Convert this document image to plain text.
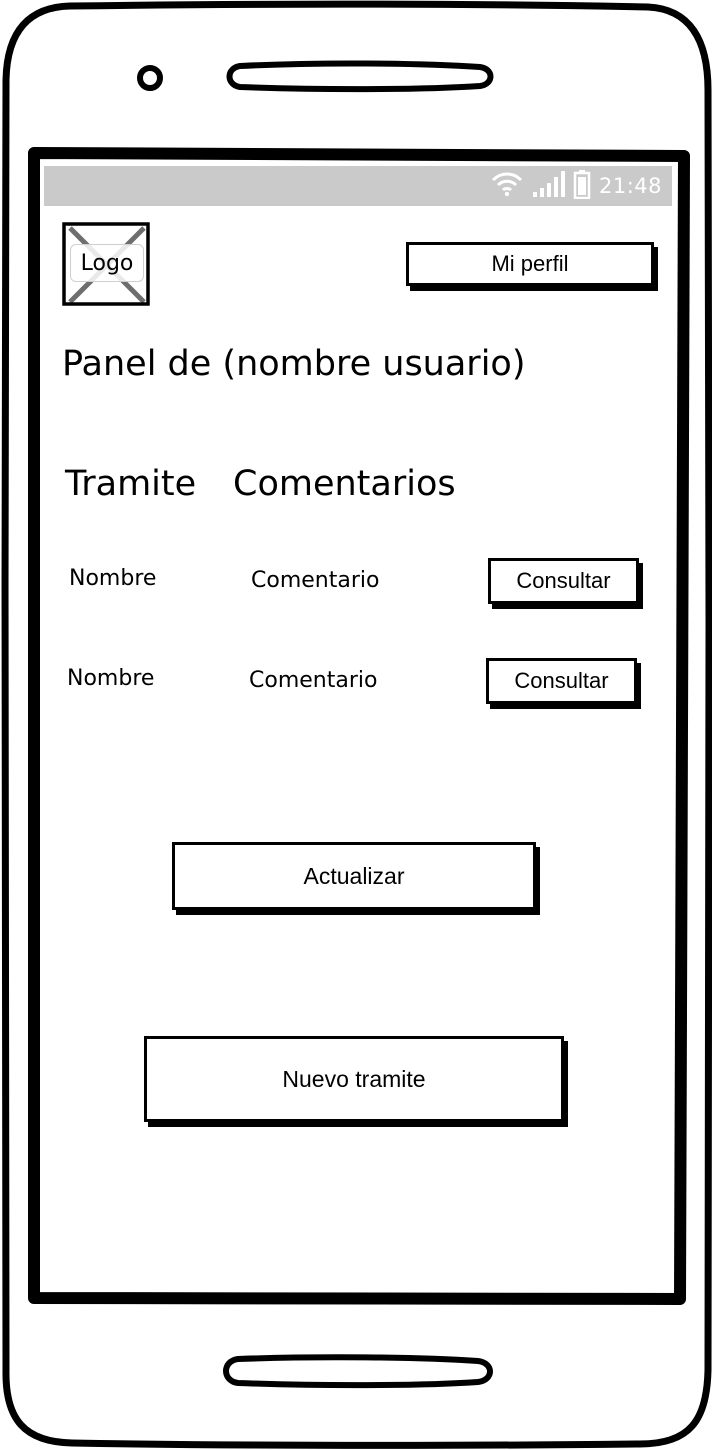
21:48
Logo	Mi perfil
Panel de (nombre usuario)
Tramite Comentarios
Nombre	Comentario	Consultar
Nombre	Comentario	Consultar
Actualizar
Nuevo tramite
